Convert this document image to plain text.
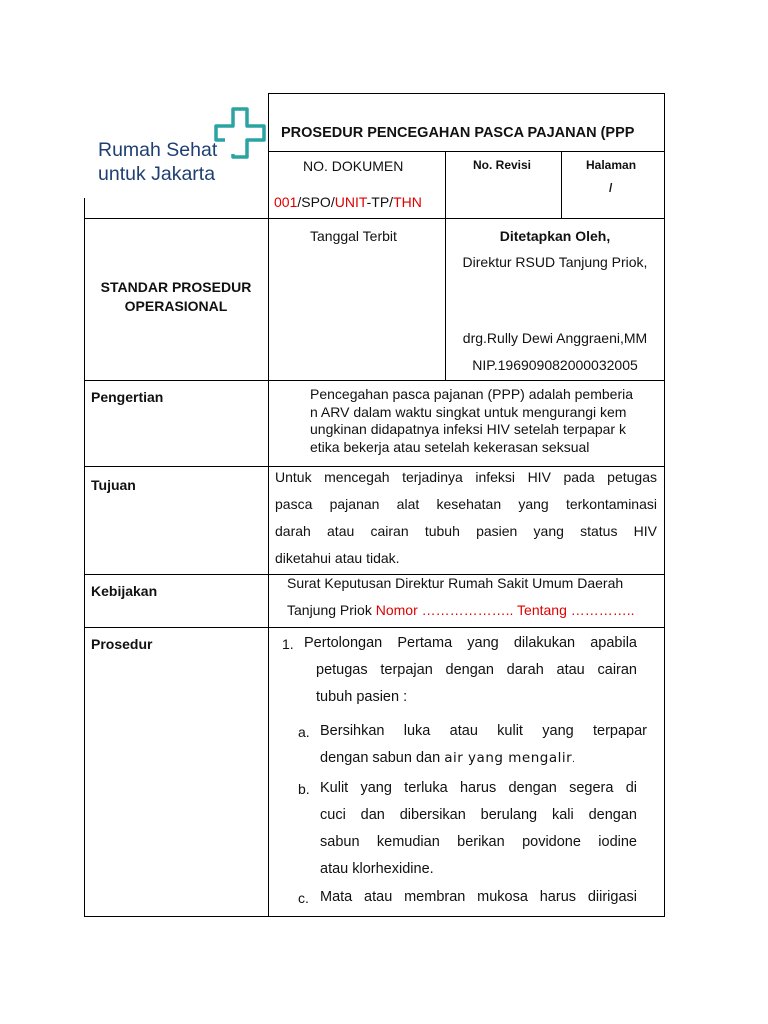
Rumah Sehat
untuk Jakarta
PROSEDUR PENCEGAHAN PASCA PAJANAN (PPP
NO. DOKUMEN
001/SPO/UNIT-TP/THN
No. Revisi	Halaman
/
STANDAR PROSEDUR
OPERASIONAL
Tanggal Terbit	Ditetapkan Oleh,
Direktur RSUD Tanjung Priok,
drg.Rully Dewi Anggraeni,MM
NIP.196909082000032005
Pengertian	Pencegahan pasca pajanan (PPP) adalah pemberia
n ARV dalam waktu singkat untuk mengurangi kem
ungkinan didapatnya infeksi HIV setelah terpapar k
etika bekerja atau setelah kekerasan seksual
Tujuan	Untuk mencegah terjadinya infeksi HIV pada petugas
pasca pajanan alat kesehatan yang terkontaminasi
darah atau cairan tubuh pasien yang status HIV
diketahui atau tidak.
Kebijakan	Surat Keputusan Direktur Rumah Sakit Umum Daerah
Tanjung Priok Nomor ……………….. Tentang …………..
Prosedur	1. Pertolongan Pertama yang dilakukan apabila
petugas terpajan dengan darah atau cairan
tubuh pasien :
a. Bersihkan luka atau kulit yang terpapar
dengan sabun dan air yang mengalir.
b. Kulit yang terluka harus dengan segera di
cuci dan dibersikan berulang kali dengan
sabun kemudian berikan povidone iodine
atau klorhexidine.
c. Mata atau membran mukosa harus diirigasi
